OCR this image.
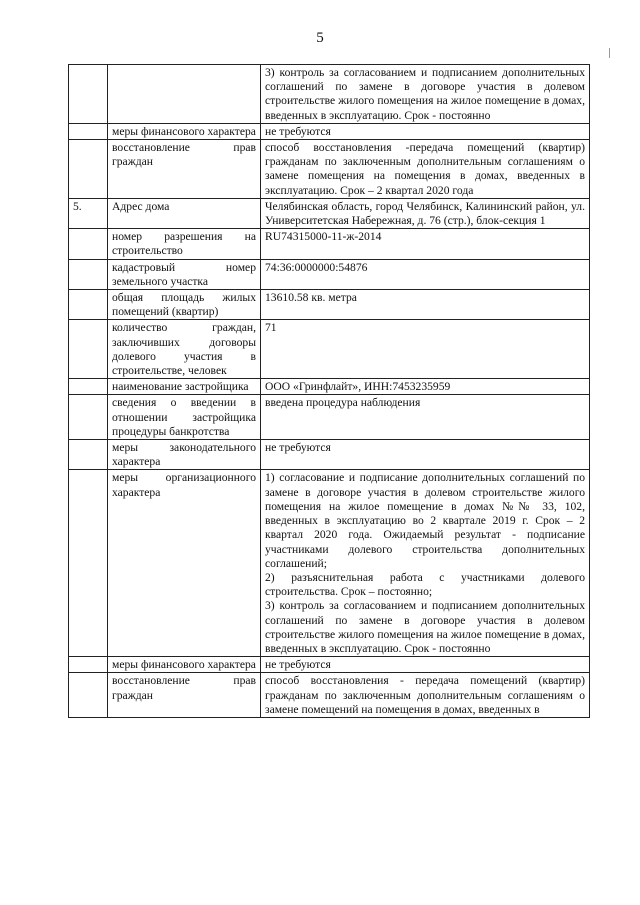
5

		3) контроль за согласованием и подписанием дополнительных соглашений по замене в договоре участия в долевом строительстве жилого помещения на жилое помещение в домах, введенных в эксплуатацию. Срок - постоянно

	меры финансового характера	не требуются

	восстановление прав граждан	способ восстановления -передача помещений (квартир) гражданам по заключенным дополнительным соглашениям о замене помещения на помещения в домах, введенных в эксплуатацию. Срок – 2 квартал 2020 года

5.	Адрес дома	Челябинская область, город Челябинск, Калининский район, ул. Университетская Набережная, д. 76 (стр.), блок-секция 1

	номер разрешения на строительство	RU74315000-11-ж-2014

	кадастровый номер земельного участка	74:36:0000000:54876

	общая площадь жилых помещений (квартир)	13610.58 кв. метра

	количество граждан, заключивших договоры долевого участия в строительстве, человек	71

	наименование застройщика	ООО «Гринфлайт», ИНН:7453235959

	сведения о введении в отношении застройщика процедуры банкротства	введена процедура наблюдения

	меры законодательного характера	не требуются

	меры организационного характера	1) согласование и подписание дополнительных соглашений по замене в договоре участия в долевом строительстве жилого помещения на жилое помещение в домах №№ 33, 102, введенных в эксплуатацию во 2 квартале 2019 г. Срок – 2 квартал 2020 года. Ожидаемый результат - подписание участниками долевого строительства дополнительных соглашений;
2) разъяснительная работа с участниками долевого строительства. Срок – постоянно;
3) контроль за согласованием и подписанием дополнительных соглашений по замене в договоре участия в долевом строительстве жилого помещения на жилое помещение в домах, введенных в эксплуатацию. Срок - постоянно

	меры финансового характера	не требуются

	восстановление прав граждан	способ восстановления - передача помещений (квартир) гражданам по заключенным дополнительным соглашениям о замене помещений на помещения в домах, введенных в
